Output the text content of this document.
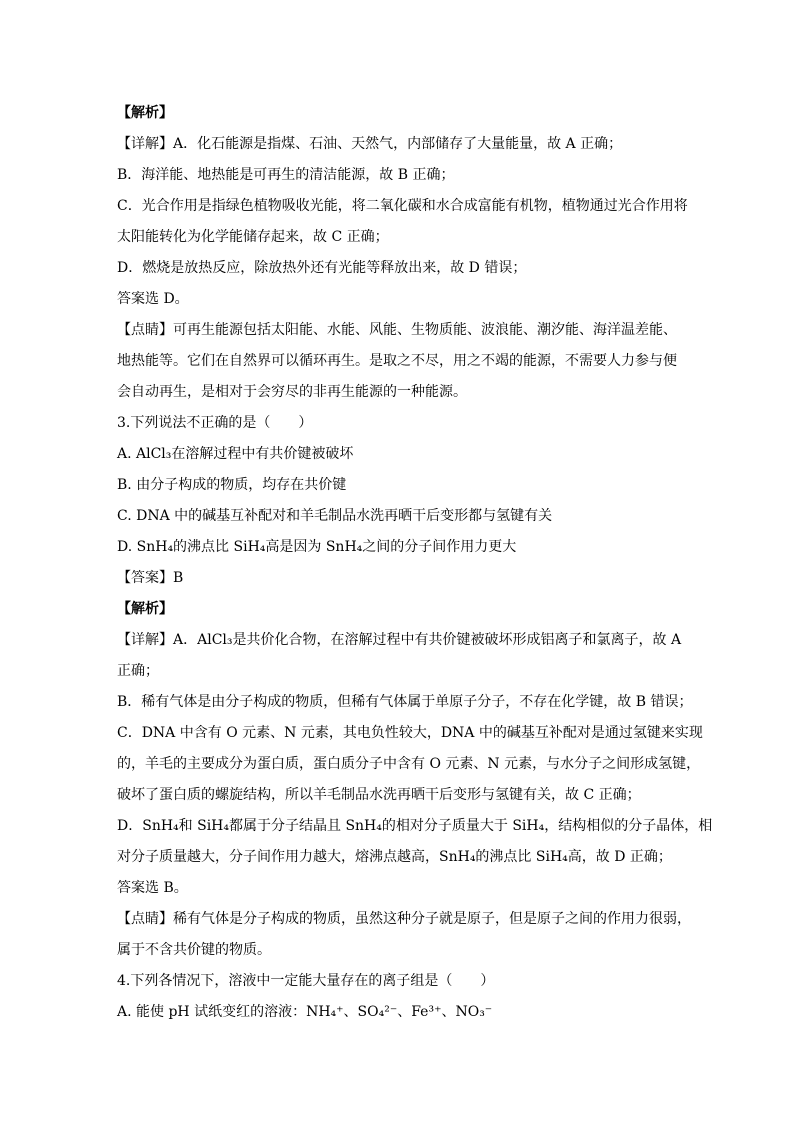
【解析】
【详解】A．化石能源是指煤、石油、天然气，内部储存了大量能量，故 A 正确；
B．海洋能、地热能是可再生的清洁能源，故 B 正确；
C．光合作用是指绿色植物吸收光能，将二氧化碳和水合成富能有机物，植物通过光合作用将
太阳能转化为化学能储存起来，故 C 正确；
D．燃烧是放热反应，除放热外还有光能等释放出来，故 D 错误；
答案选 D。
【点睛】可再生能源包括太阳能、水能、风能、生物质能、波浪能、潮汐能、海洋温差能、
地热能等。它们在自然界可以循环再生。是取之不尽，用之不竭的能源，不需要人力参与便
会自动再生，是相对于会穷尽的非再生能源的一种能源。
3.下列说法不正确的是（　　）
A. AlCl₃在溶解过程中有共价键被破坏
B. 由分子构成的物质，均存在共价键
C. DNA 中的碱基互补配对和羊毛制品水洗再晒干后变形都与氢键有关
D. SnH₄的沸点比 SiH₄高是因为 SnH₄之间的分子间作用力更大
【答案】B
【解析】
【详解】A．AlCl₃是共价化合物，在溶解过程中有共价键被破坏形成铝离子和氯离子，故 A
正确；
B．稀有气体是由分子构成的物质，但稀有气体属于单原子分子，不存在化学键，故 B 错误；
C．DNA 中含有 O 元素、N 元素，其电负性较大，DNA 中的碱基互补配对是通过氢键来实现
的，羊毛的主要成分为蛋白质，蛋白质分子中含有 O 元素、N 元素，与水分子之间形成氢键，
破坏了蛋白质的螺旋结构，所以羊毛制品水洗再晒干后变形与氢键有关，故 C 正确；
D．SnH₄和 SiH₄都属于分子结晶且 SnH₄的相对分子质量大于 SiH₄，结构相似的分子晶体，相
对分子质量越大，分子间作用力越大，熔沸点越高，SnH₄的沸点比 SiH₄高，故 D 正确；
答案选 B。
【点睛】稀有气体是分子构成的物质，虽然这种分子就是原子，但是原子之间的作用力很弱，
属于不含共价键的物质。
4.下列各情况下，溶液中一定能大量存在的离子组是（　　）
A. 能使 pH 试纸变红的溶液：NH₄⁺、SO₄²⁻、Fe³⁺、NO₃⁻
